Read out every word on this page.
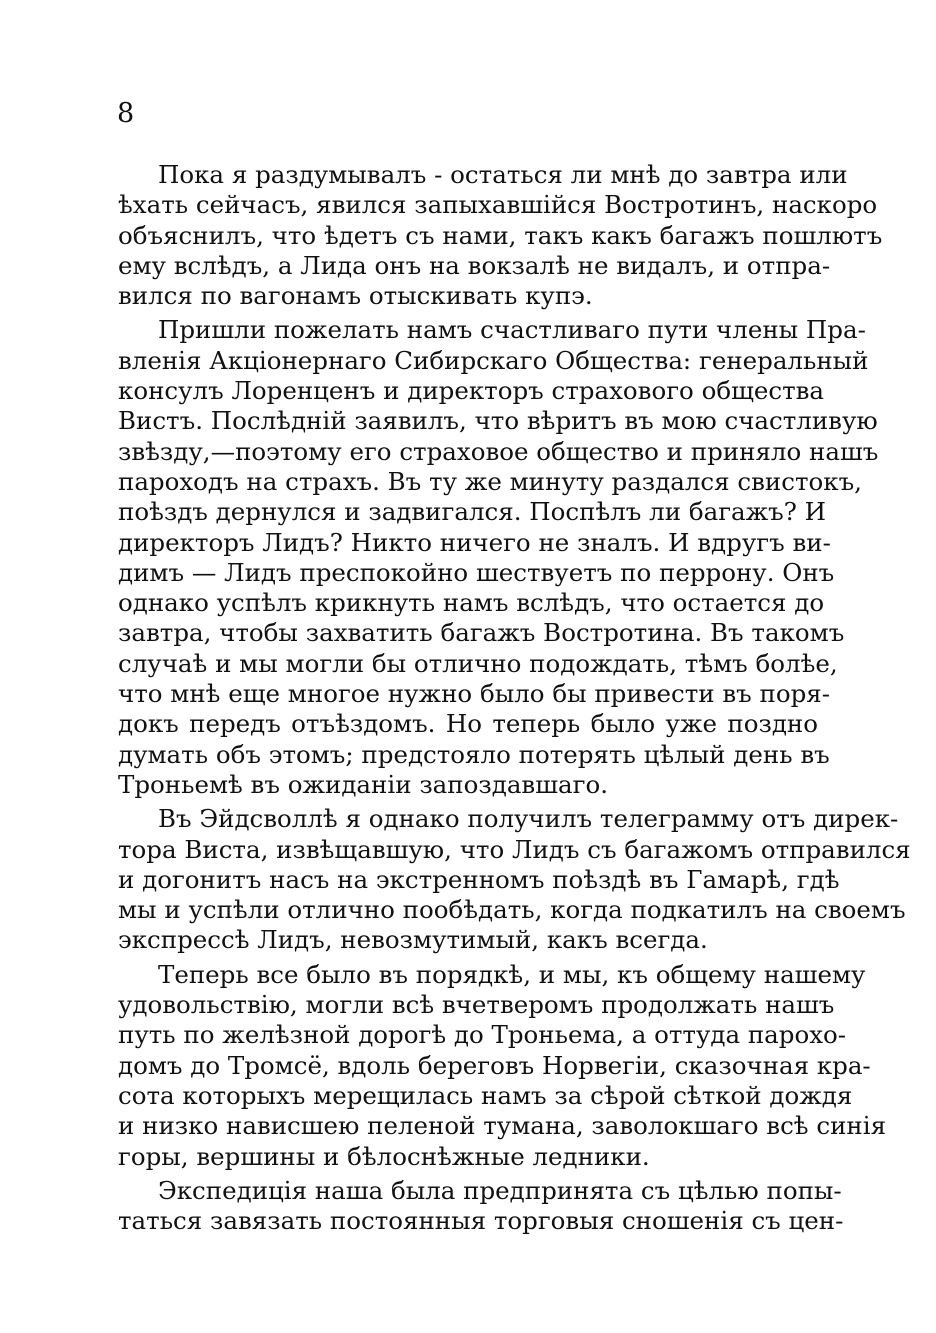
8

Пока я раздумывалъ - остаться ли мнѣ до завтра или
ѣхать сейчасъ, явился запыхавшійся Востротинъ, наскоро
объяснилъ, что ѣдетъ съ нами, такъ какъ багажъ пошлютъ
ему вслѣдъ, а Лида онъ на вокзалѣ не видалъ, и отпра-
вился по вагонамъ отыскивать купэ.

Пришли пожелать намъ счастливаго пути члены Пра-
вленія Акціонернаго Сибирскаго Общества: генеральный
консулъ Лоренценъ и директоръ страхового общества
Вистъ. Послѣдній заявилъ, что вѣритъ въ мою счастливую
звѣзду,—поэтому его страховое общество и приняло нашъ
пароходъ на страхъ. Въ ту же минуту раздался свистокъ,
поѣздъ дернулся и задвигался. Поспѣлъ ли багажъ? И
директоръ Лидъ? Никто ничего не зналъ. И вдругъ ви-
димъ — Лидъ преспокойно шествуетъ по перрону. Онъ
однако успѣлъ крикнуть намъ вслѣдъ, что остается до
завтра, чтобы захватить багажъ Востротина. Въ такомъ
случаѣ и мы могли бы отлично подождать, тѣмъ болѣе,
что мнѣ еще многое нужно было бы привести въ поря-
докъ передъ отъѣздомъ. Но теперь было уже поздно
думать объ этомъ; предстояло потерять цѣлый день въ
Троньемѣ въ ожиданіи запоздавшаго.

Въ Эйдсволлѣ я однако получилъ телеграмму отъ дирек-
тора Виста, извѣщавшую, что Лидъ съ багажомъ отправился
и догонитъ насъ на экстренномъ поѣздѣ въ Гамарѣ, гдѣ
мы и успѣли отлично пообѣдать, когда подкатилъ на своемъ
экспрессѣ Лидъ, невозмутимый, какъ всегда.

Теперь все было въ порядкѣ, и мы, къ общему нашему
удовольствію, могли всѣ вчетверомъ продолжать нашъ
путь по желѣзной дорогѣ до Троньема, а оттуда парохо-
домъ до Тромсё, вдоль береговъ Норвегіи, сказочная кра-
сота которыхъ мерещилась намъ за сѣрой сѣткой дождя
и низко нависшею пеленой тумана, заволокшаго всѣ синія
горы, вершины и бѣлоснѣжные ледники.

Экспедиція наша была предпринята съ цѣлью попы-
таться завязать постоянныя торговыя сношенія съ цен-
